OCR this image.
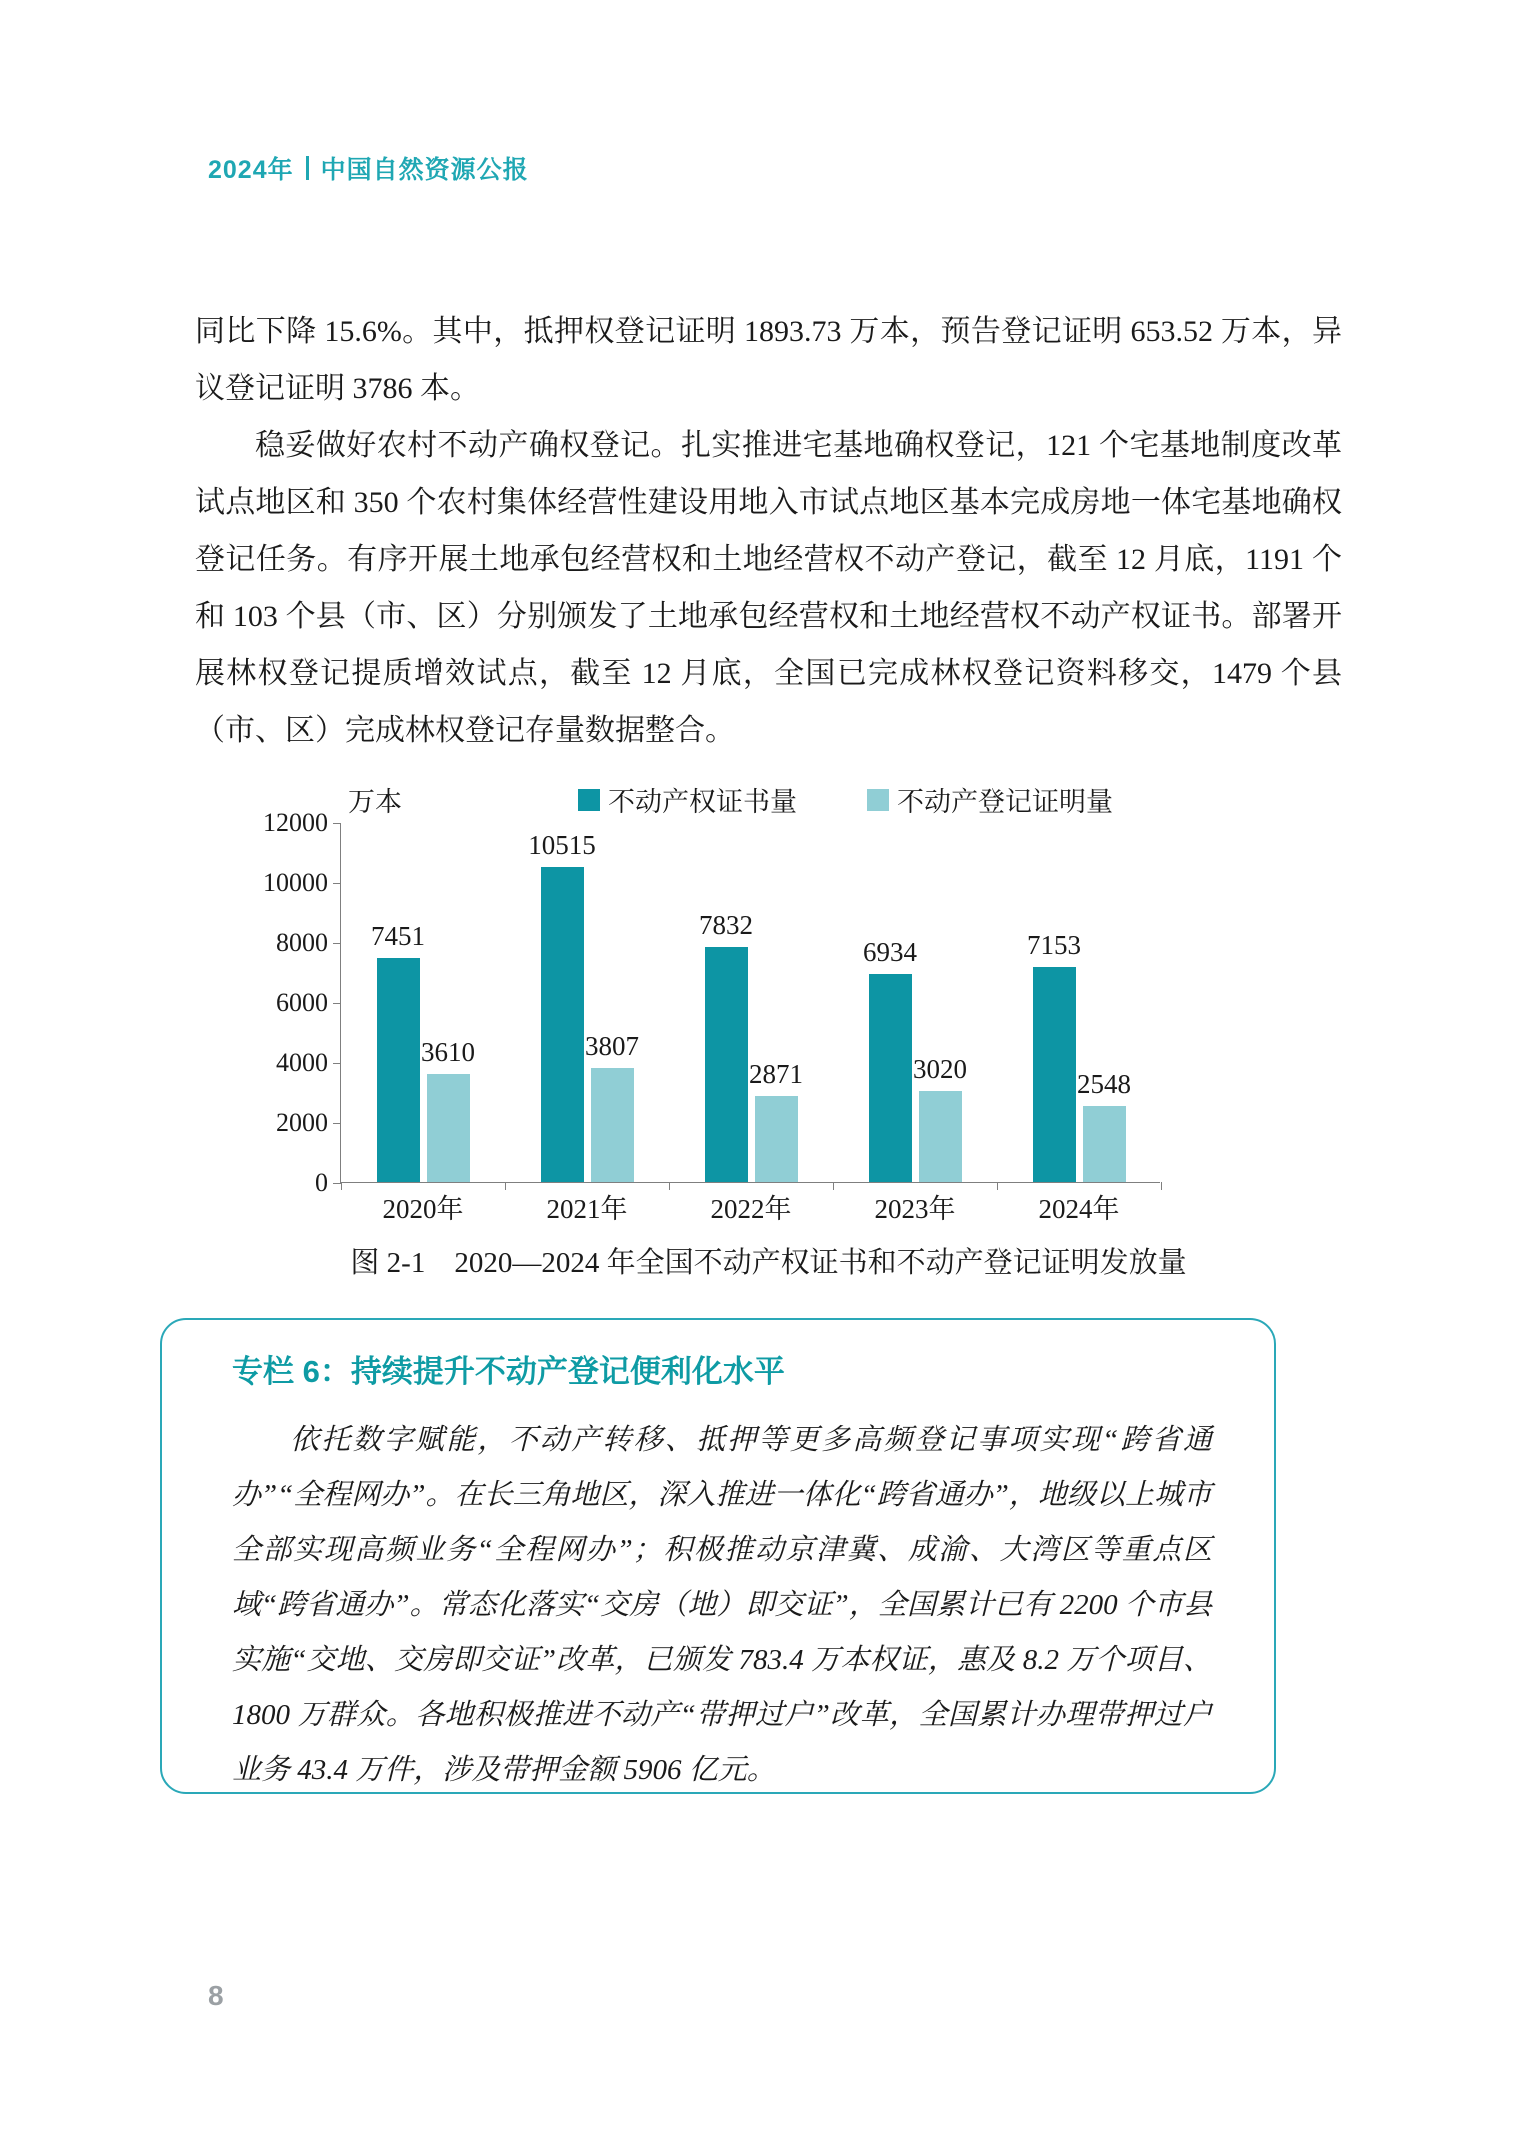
2024年 中国自然资源公报

同比下降 15.6%。其中，抵押权登记证明 1893.73 万本，预告登记证明 653.52 万本，异议登记证明 3786 本。

稳妥做好农村不动产确权登记。扎实推进宅基地确权登记，121 个宅基地制度改革试点地区和 350 个农村集体经营性建设用地入市试点地区基本完成房地一体宅基地确权登记任务。有序开展土地承包经营权和土地经营权不动产登记，截至 12 月底，1191 个和 103 个县（市、区）分别颁发了土地承包经营权和土地经营权不动产权证书。部署开展林权登记提质增效试点，截至 12 月底，全国已完成林权登记资料移交，1479 个县（市、区）完成林权登记存量数据整合。

万本	不动产权证书量	不动产登记证明量
0
2000
4000
6000
8000
10000
12000
7451
3610
2020年
10515
3807
2021年
7832
2871
2022年
6934
3020
2023年
7153
2548
2024年
图 2-1　2020—2024 年全国不动产权证书和不动产登记证明发放量
专栏 6：持续提升不动产登记便利化水平
依托数字赋能，不动产转移、抵押等更多高频登记事项实现“跨省通办”“全程网办”。在长三角地区，深入推进一体化“跨省通办”，地级以上城市全部实现高频业务“全程网办”；积极推动京津冀、成渝、大湾区等重点区域“跨省通办”。常态化落实“交房（地）即交证”，全国累计已有 2200 个市县实施“交地、交房即交证”改革，已颁发 783.4 万本权证，惠及 8.2 万个项目、1800 万群众。各地积极推进不动产“带押过户”改革，全国累计办理带押过户业务 43.4 万件，涉及带押金额 5906 亿元。
8
